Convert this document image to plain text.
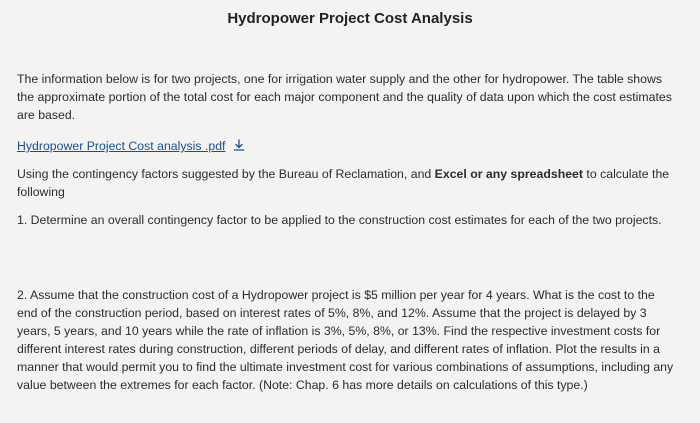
Hydropower Project Cost Analysis

The information below is for two projects, one for irrigation water supply and the other for hydropower. The table shows the approximate portion of the total cost for each major component and the quality of data upon which the cost estimates are based.

Hydropower Project Cost analysis .pdf

Using the contingency factors suggested by the Bureau of Reclamation, and Excel or any spreadsheet to calculate the following

1. Determine an overall contingency factor to be applied to the construction cost estimates for each of the two projects.

2. Assume that the construction cost of a Hydropower project is $5 million per year for 4 years. What is the cost to the end of the construction period, based on interest rates of 5%, 8%, and 12%. Assume that the project is delayed by 3 years, 5 years, and 10 years while the rate of inflation is 3%, 5%, 8%, or 13%. Find the respective investment costs for different interest rates during construction, different periods of delay, and different rates of inflation. Plot the results in a manner that would permit you to find the ultimate investment cost for various combinations of assumptions, including any value between the extremes for each factor. (Note: Chap. 6 has more details on calculations of this type.)
